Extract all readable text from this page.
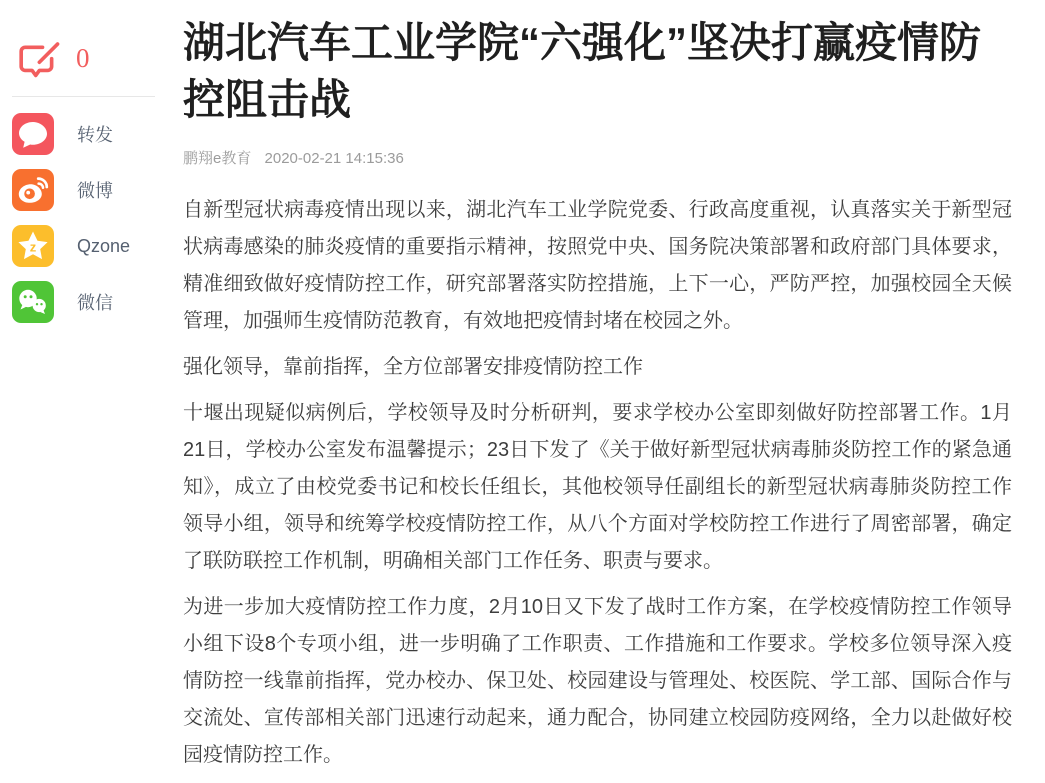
0
转发
微博
z Qzone
微信
湖北汽车工业学院“六强化”坚决打赢疫情防控阻击战
鹏翔e教育 2020-02-21 14:15:36

自新型冠状病毒疫情出现以来，湖北汽车工业学院党委、行政高度重视，认真落实关于新型冠状病毒感染的肺炎疫情的重要指示精神，按照党中央、国务院决策部署和政府部门具体要求，精准细致做好疫情防控工作，研究部署落实防控措施，上下一心，严防严控，加强校园全天候管理，加强师生疫情防范教育，有效地把疫情封堵在校园之外。

强化领导，靠前指挥，全方位部署安排疫情防控工作

十堰出现疑似病例后，学校领导及时分析研判，要求学校办公室即刻做好防控部署工作。1月21日，学校办公室发布温馨提示；23日下发了《关于做好新型冠状病毒肺炎防控工作的紧急通知》，成立了由校党委书记和校长任组长，其他校领导任副组长的新型冠状病毒肺炎防控工作领导小组，领导和统筹学校疫情防控工作，从八个方面对学校防控工作进行了周密部署，确定了联防联控工作机制，明确相关部门工作任务、职责与要求。

为进一步加大疫情防控工作力度，2月10日又下发了战时工作方案，在学校疫情防控工作领导小组下设8个专项小组，进一步明确了工作职责、工作措施和工作要求。学校多位领导深入疫情防控一线靠前指挥，党办校办、保卫处、校园建设与管理处、校医院、学工部、国际合作与交流处、宣传部相关部门迅速行动起来，通力配合，协同建立校园防疫网络，全力以赴做好校园疫情防控工作。
